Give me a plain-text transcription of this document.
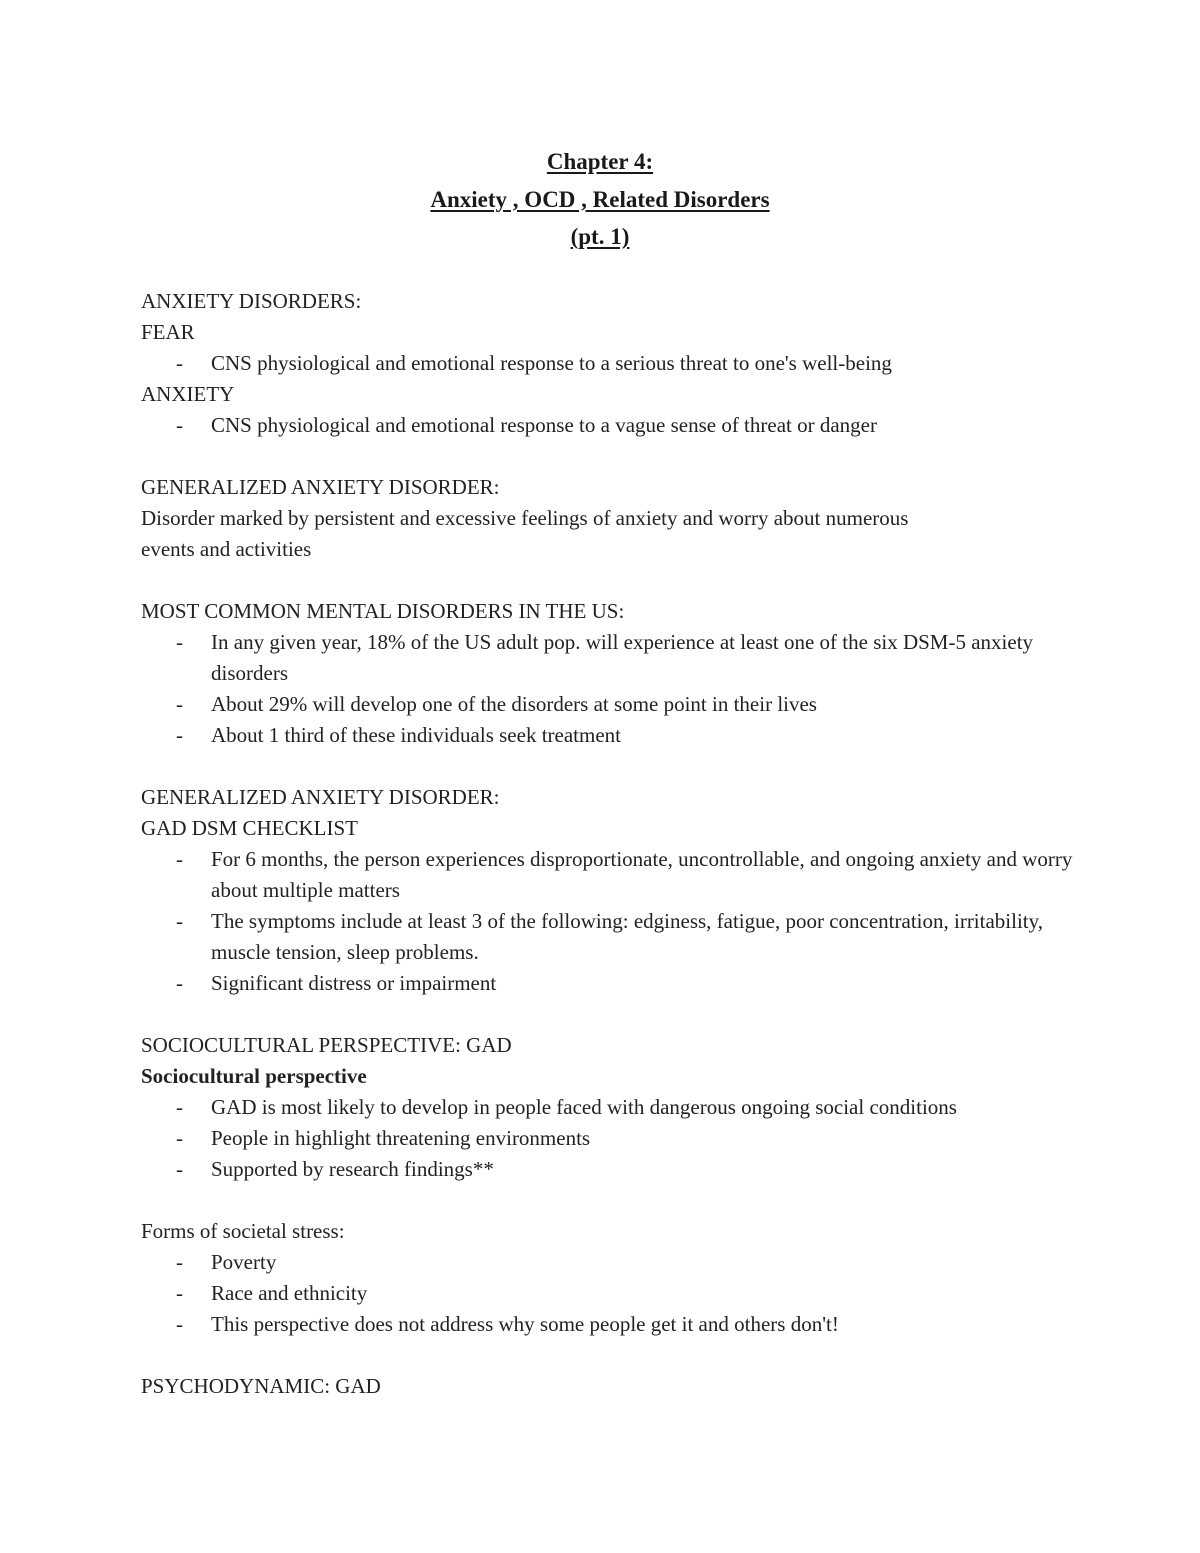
Chapter 4:
Anxiety , OCD , Related Disorders
(pt. 1)

ANXIETY DISORDERS:

FEAR

- CNS physiological and emotional response to a serious threat to one's well-being

ANXIETY

- CNS physiological and emotional response to a vague sense of threat or danger

GENERALIZED ANXIETY DISORDER:

Disorder marked by persistent and excessive feelings of anxiety and worry about numerous

events and activities

MOST COMMON MENTAL DISORDERS IN THE US:

- In any given year, 18% of the US adult pop. will experience at least one of the six DSM-5 anxiety disorders

- About 29% will develop one of the disorders at some point in their lives

- About 1 third of these individuals seek treatment

GENERALIZED ANXIETY DISORDER:

GAD DSM CHECKLIST

- For 6 months, the person experiences disproportionate, uncontrollable, and ongoing anxiety and worry about multiple matters

- The symptoms include at least 3 of the following: edginess, fatigue, poor concentration, irritability, muscle tension, sleep problems.

- Significant distress or impairment

SOCIOCULTURAL PERSPECTIVE: GAD

Sociocultural perspective

- GAD is most likely to develop in people faced with dangerous ongoing social conditions

- People in highlight threatening environments

- Supported by research findings**

Forms of societal stress:

- Poverty

- Race and ethnicity

- This perspective does not address why some people get it and others don't!

PSYCHODYNAMIC: GAD
